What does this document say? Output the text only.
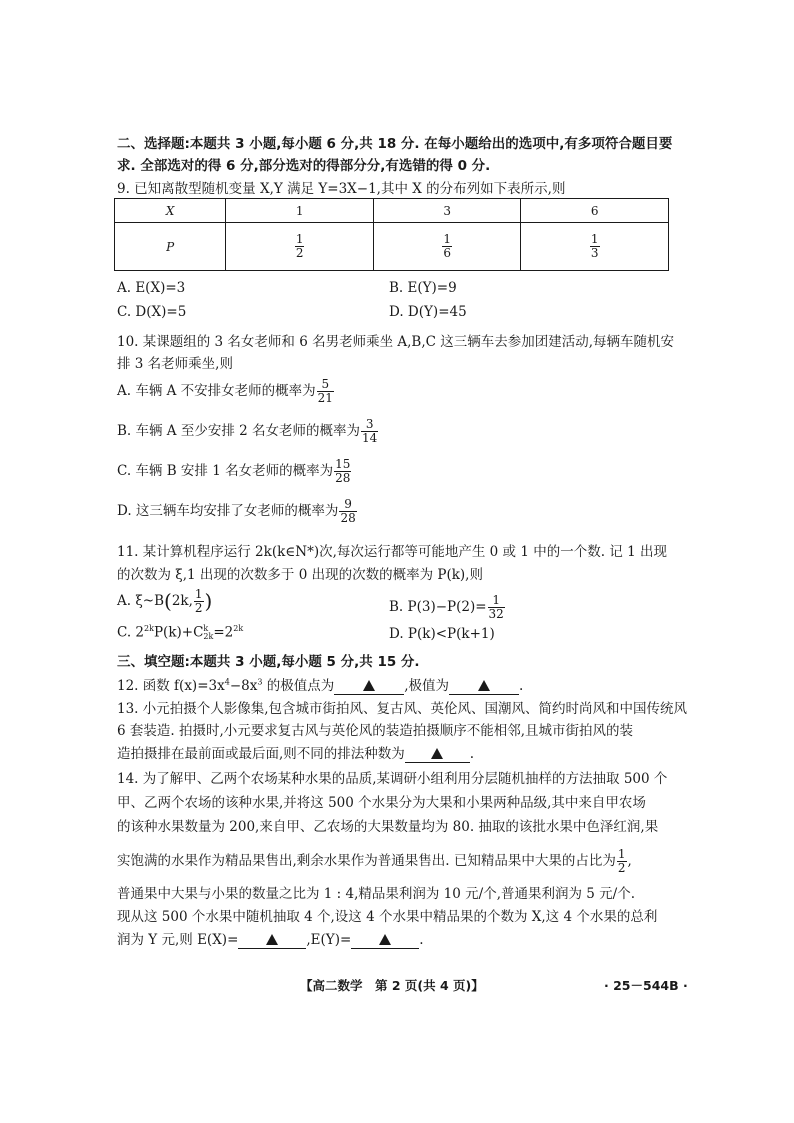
二、选择题:本题共 3 小题,每小题 6 分,共 18 分. 在每小题给出的选项中,有多项符合题目要
求. 全部选对的得 6 分,部分选对的得部分分,有选错的得 0 分.
9. 已知离散型随机变量 X,Y 满足 Y=3X−1,其中 X 的分布列如下表所示,则
X	1	3	6
P	$\frac{1}{2}$	$\frac{1}{6}$	$\frac{1}{3}$
A. E(X)=3	B. E(Y)=9
C. D(X)=5	D. D(Y)=45
10. 某课题组的 3 名女老师和 6 名男老师乘坐 A,B,C 这三辆车去参加团建活动,每辆车随机安
排 3 名老师乘坐,则
A. 车辆 A 不安排女老师的概率为 $\frac{5}{21}$
B. 车辆 A 至少安排 2 名女老师的概率为 $\frac{3}{14}$
C. 车辆 B 安排 1 名女老师的概率为 $\frac{15}{28}$
D. 这三辆车均安排了女老师的概率为 $\frac{9}{28}$
11. 某计算机程序运行 2k(k∈N*)次,每次运行都等可能地产生 0 或 1 中的一个数. 记 1 出现
的次数为 ξ,1 出现的次数多于 0 出现的次数的概率为 P(k),则
A. ξ~B(2k, $\frac{1}{2}$ )	B. $P(3)-P(2)= \frac{1}{32}$
C. $2^{2k}P(k)+C$ k
$2k =2^{2k}$	D. P(k)<P(k+1)
三、填空题:本题共 3 小题,每小题 5 分,共 15 分.
12. 函数 $f(x)=3x^4-8x^3$ 的极值点为	,极值为	.
13. 小元拍摄个人影像集,包含城市街拍风、复古风、英伦风、国潮风、简约时尚风和中国传统风
6 套装造. 拍摄时,小元要求复古风与英伦风的装造拍摄顺序不能相邻,且城市街拍风的装
造拍摄排在最前面或最后面,则不同的排法种数为	.
14. 为了解甲、乙两个农场某种水果的品质,某调研小组利用分层随机抽样的方法抽取 500 个
甲、乙两个农场的该种水果,并将这 500 个水果分为大果和小果两种品级,其中来自甲农场
的该种水果数量为 200,来自甲、乙农场的大果数量均为 80. 抽取的该批水果中色泽红润,果
实饱满的水果作为精品果售出,剩余水果作为普通果售出. 已知精品果中大果的占比为 $\frac{1}{2}$ ,
普通果中大果与小果的数量之比为 1 : 4,精品果利润为 10 元/个,普通果利润为 5 元/个.
现从这 500 个水果中随机抽取 4 个,设这 4 个水果中精品果的个数为 X,这 4 个水果的总利
润为 Y 元,则 E(X)=	,E(Y)=	.
【高二数学　第 2 页(共 4 页)】	· 25－544B ·
